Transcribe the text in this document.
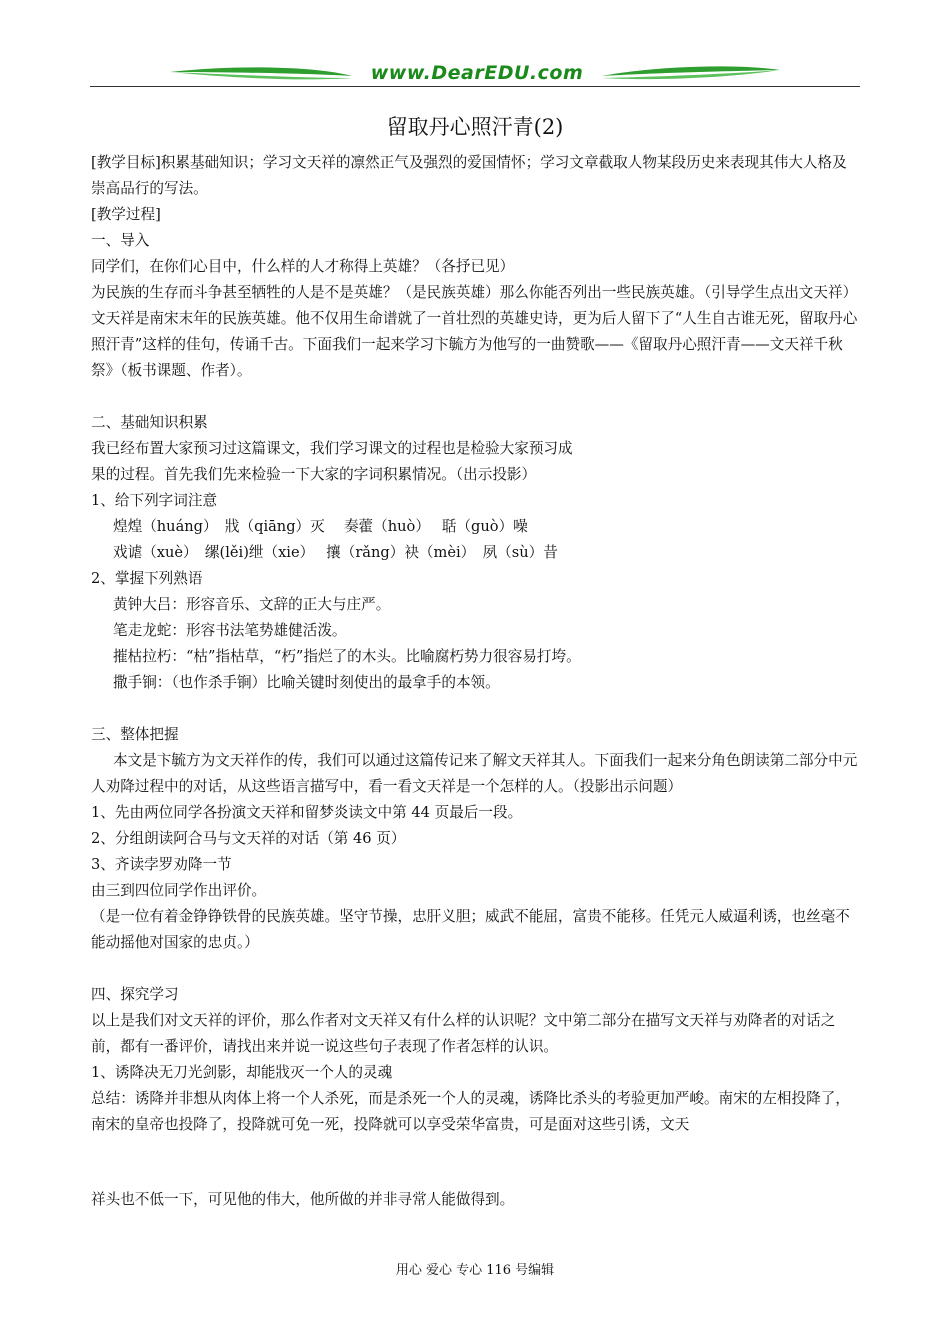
www.DearEDU.com
留取丹心照汗青(2)

[教学目标]积累基础知识；学习文天祥的凛然正气及强烈的爱国情怀；学习文章截取人物某段历史来表现其伟大人格及崇高品行的写法。

[教学过程]

一、导入

同学们，在你们心目中，什么样的人才称得上英雄？（各抒已见）

为民族的生存而斗争甚至牺牲的人是不是英雄？（是民族英雄）那么你能否列出一些民族英雄。（引导学生点出文天祥）

文天祥是南宋末年的民族英雄。他不仅用生命谱就了一首壮烈的英雄史诗，更为后人留下了“人生自古谁无死，留取丹心照汗青”这样的佳句，传诵千古。下面我们一起来学习卞毓方为他写的一曲赞歌——《留取丹心照汗青——文天祥千秋祭》（板书课题、作者）。

二、基础知识积累

我已经布置大家预习过这篇课文，我们学习课文的过程也是检验大家预习成

果的过程。首先我们先来检验一下大家的字词积累情况。（出示投影）

1、给下列字词注意

煌煌（huáng）　戕（qiāng）灭　 奏藿（huò）　 聒（guò）噪

戏谑（xuè）　缧(lěi)绁（xie）　 攘（rǎng）袂（mèi）　夙（sù）昔

2、掌握下列熟语

黄钟大吕：形容音乐、文辞的正大与庄严。

笔走龙蛇：形容书法笔势雄健活泼。

摧枯拉朽：“枯”指枯草，“朽”指烂了的木头。比喻腐朽势力很容易打垮。

撒手锏：（也作杀手锏）比喻关键时刻使出的最拿手的本领。

三、整体把握

本文是卞毓方为文天祥作的传，我们可以通过这篇传记来了解文天祥其人。下面我们一起来分角色朗读第二部分中元人劝降过程中的对话，从这些语言描写中，看一看文天祥是一个怎样的人。（投影出示问题）

1、先由两位同学各扮演文天祥和留梦炎读文中第 44 页最后一段。

2、分组朗读阿合马与文天祥的对话（第 46 页）

3、齐读孛罗劝降一节

由三到四位同学作出评价。

（是一位有着金铮铮铁骨的民族英雄。坚守节操，忠肝义胆；威武不能屈，富贵不能移。任凭元人威逼利诱，也丝毫不能动摇他对国家的忠贞。）

四、探究学习

以上是我们对文天祥的评价，那么作者对文天祥又有什么样的认识呢？文中第二部分在描写文天祥与劝降者的对话之前，都有一番评价，请找出来并说一说这些句子表现了作者怎样的认识。

1、诱降决无刀光剑影，却能戕灭一个人的灵魂

总结：诱降并非想从肉体上将一个人杀死，而是杀死一个人的灵魂，诱降比杀头的考验更加严峻。南宋的左相投降了，南宋的皇帝也投降了，投降就可免一死，投降就可以享受荣华富贵，可是面对这些引诱，文天

祥头也不低一下，可见他的伟大，他所做的并非寻常人能做得到。

用心 爱心 专心 116 号编辑
